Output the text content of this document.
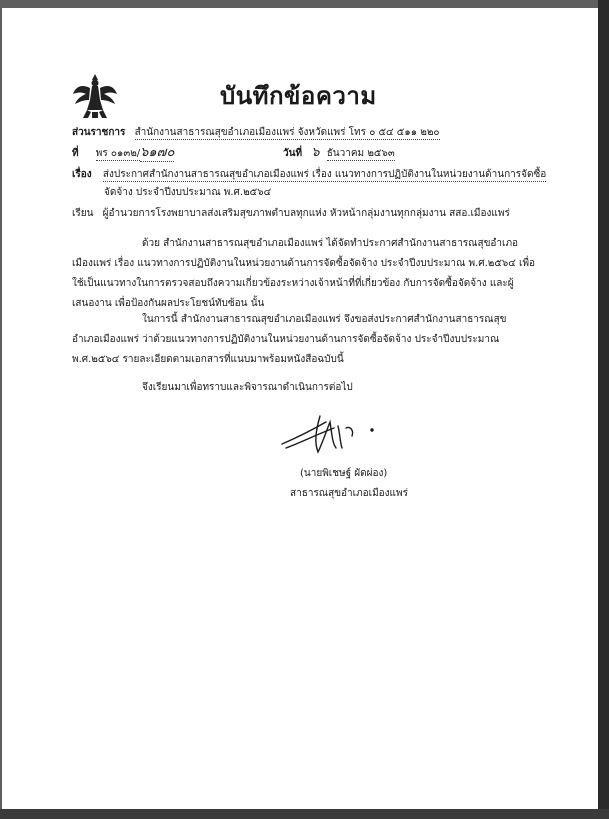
บันทึกข้อความ
ส่วนราชการ สำนักงานสาธารณสุขอำเภอเมืองแพร่ จังหวัดแพร่ โทร ๐ ๕๔ ๕๑๑ ๒๒๐
ที่ พร ๐๑๓๒/๖๑๗๐	วันที่ ๖ ธันวาคม ๒๕๖๓
เรื่อง ส่งประกาศสำนักงานสาธารณสุขอำเภอเมืองแพร่ เรื่อง แนวทางการปฏิบัติงานในหน่วยงานด้านการจัดซื้อ
จัดจ้าง ประจำปีงบประมาณ พ.ศ.๒๕๖๔
เรียน ผู้อำนวยการโรงพยาบาลส่งเสริมสุขภาพตำบลทุกแห่ง หัวหน้ากลุ่มงานทุกกลุ่มงาน สสอ.เมืองแพร่
ด้วย สำนักงานสาธารณสุขอำเภอเมืองแพร่ ได้จัดทำประกาศสำนักงานสาธารณสุขอำเภอ
เมืองแพร่ เรื่อง แนวทางการปฏิบัติงานในหน่วยงานด้านการจัดซื้อจัดจ้าง ประจำปีงบประมาณ พ.ศ.๒๕๖๔ เพื่อ
ใช้เป็นแนวทางในการตรวจสอบถึงความเกี่ยวข้องระหว่างเจ้าหน้าที่ที่เกี่ยวข้อง กับการจัดซื้อจัดจ้าง และผู้
เสนองาน เพื่อป้องกันผลประโยชน์ทับซ้อน นั้น
ในการนี้ สำนักงานสาธารณสุขอำเภอเมืองแพร่ จึงขอส่งประกาศสำนักงานสาธารณสุข
อำเภอเมืองแพร่ ว่าด้วยแนวทางการปฏิบัติงานในหน่วยงานด้านการจัดซื้อจัดจ้าง ประจำปีงบประมาณ
พ.ศ.๒๕๖๔ รายละเอียดตามเอกสารที่แนบมาพร้อมหนังสือฉบับนี้
จึงเรียนมาเพื่อทราบและพิจารณาดำเนินการต่อไป
(นายพิเชษฐ์ ผัดผ่อง)
สาธารณสุขอำเภอเมืองแพร่
